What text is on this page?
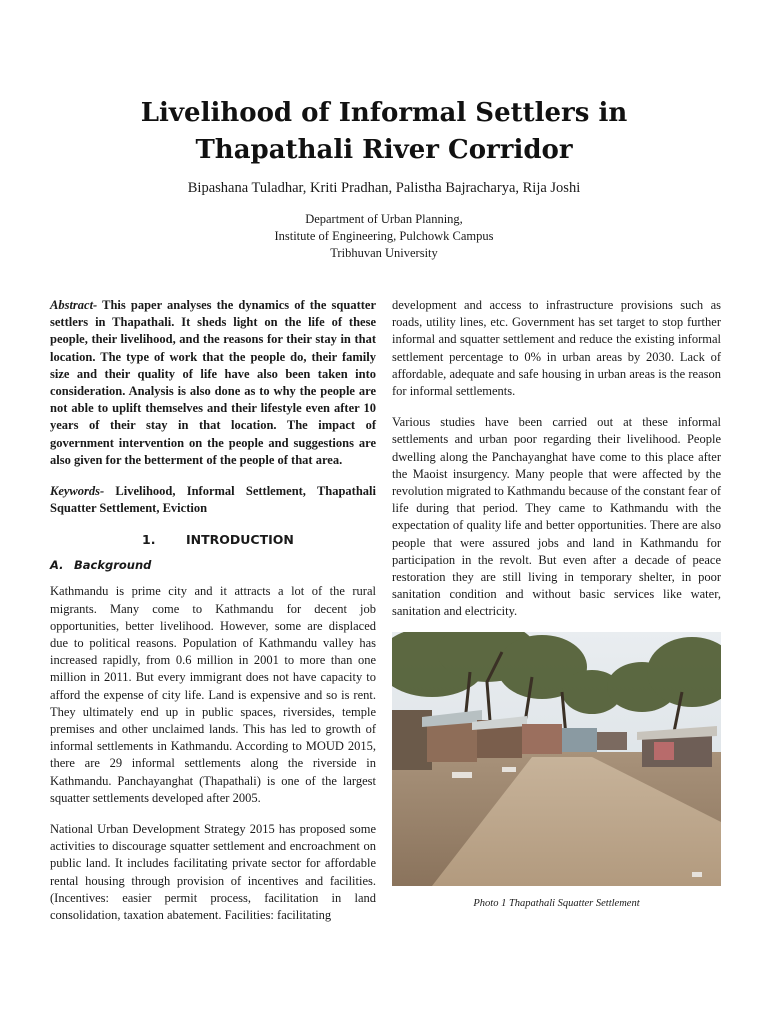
Livelihood of Informal Settlers in
Thapathali River Corridor
Bipashana Tuladhar, Kriti Pradhan, Palistha Bajracharya, Rija Joshi
Department of Urban Planning,
Institute of Engineering, Pulchowk Campus
Tribhuvan University

Abstract- This paper analyses the dynamics of the squatter settlers in Thapathali. It sheds light on the life of these people, their livelihood, and the reasons for their stay in that location. The type of work that the people do, their family size and their quality of life have also been taken into consideration. Analysis is also done as to why the people are not able to uplift themselves and their lifestyle even after 10 years of their stay in that location. The impact of government intervention on the people and suggestions are also given for the betterment of the people of that area.

Keywords- Livelihood, Informal Settlement, Thapathali Squatter Settlement, Eviction

1. INTRODUCTION
A. Background

Kathmandu is prime city and it attracts a lot of the rural migrants. Many come to Kathmandu for decent job opportunities, better livelihood. However, some are displaced due to political reasons. Population of Kathmandu valley has increased rapidly, from 0.6 million in 2001 to more than one million in 2011. But every immigrant does not have capacity to afford the expense of city life. Land is expensive and so is rent. They ultimately end up in public spaces, riversides, temple premises and other unclaimed lands. This has led to growth of informal settlements in Kathmandu. According to MOUD 2015, there are 29 informal settlements along the riverside in Kathmandu. Panchayanghat (Thapathali) is one of the largest squatter settlements developed after 2005.

National Urban Development Strategy 2015 has proposed some activities to discourage squatter settlement and encroachment on public land. It includes facilitating private sector for affordable rental housing through provision of incentives and facilities. (Incentives: easier permit process, facilitation in land consolidation, taxation abatement. Facilities: facilitating

development and access to infrastructure provisions such as roads, utility lines, etc. Government has set target to stop further informal and squatter settlement and reduce the existing informal settlement percentage to 0% in urban areas by 2030. Lack of affordable, adequate and safe housing in urban areas is the reason for informal settlements.

Various studies have been carried out at these informal settlements and urban poor regarding their livelihood. People dwelling along the Panchayanghat have come to this place after the Maoist insurgency. Many people that were affected by the revolution migrated to Kathmandu because of the constant fear of life during that period. They came to Kathmandu with the expectation of quality life and better opportunities. There are also people that were assured jobs and land in Kathmandu for participation in the revolt. But even after a decade of peace restoration they are still living in temporary shelter, in poor sanitation condition and without basic services like water, sanitation and electricity.

Photo 1 Thapathali Squatter Settlement
